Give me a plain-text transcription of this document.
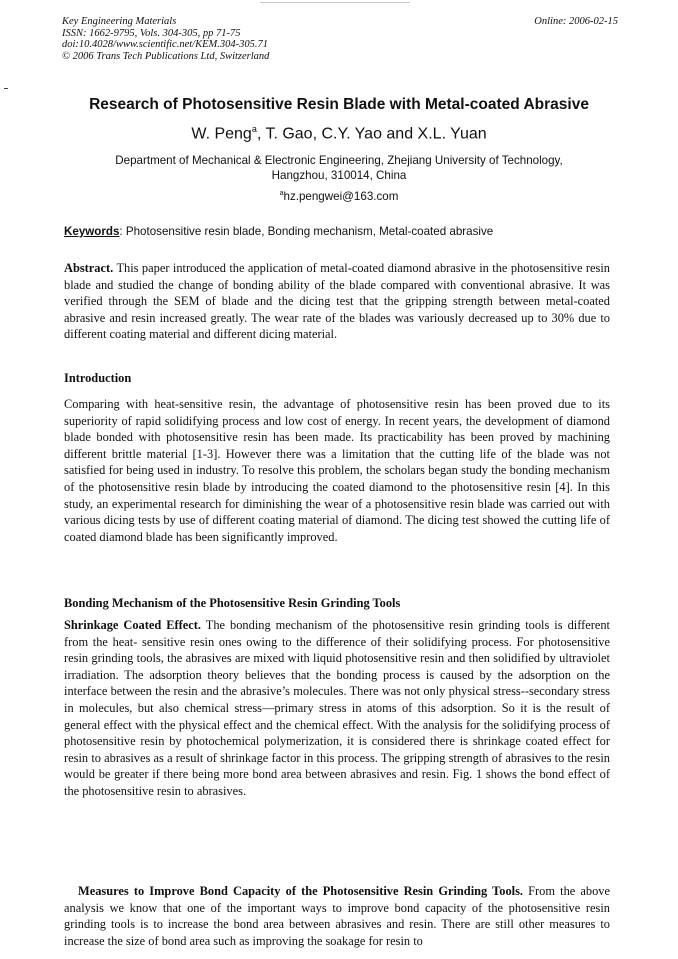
Key Engineering Materials
ISSN: 1662-9795, Vols. 304-305, pp 71-75
doi:10.4028/www.scientific.net/KEM.304-305.71
© 2006 Trans Tech Publications Ltd, Switzerland
Online: 2006-02-15
Research of Photosensitive Resin Blade with Metal-coated Abrasive
W. Peng$^a$, T. Gao, C.Y. Yao and X.L. Yuan
Department of Mechanical & Electronic Engineering, Zhejiang University of Technology,
Hangzhou, 310014, China
$^a$hz.pengwei@163.com
Keywords: Photosensitive resin blade, Bonding mechanism, Metal-coated abrasive
Abstract. This paper introduced the application of metal-coated diamond abrasive in the photosensitive resin blade and studied the change of bonding ability of the blade compared with conventional abrasive. It was verified through the SEM of blade and the dicing test that the gripping strength between metal-coated abrasive and resin increased greatly. The wear rate of the blades was variously decreased up to 30% due to different coating material and different dicing material.
Introduction
Comparing with heat-sensitive resin, the advantage of photosensitive resin has been proved due to its superiority of rapid solidifying process and low cost of energy. In recent years, the development of diamond blade bonded with photosensitive resin has been made. Its practicability has been proved by machining different brittle material [1-3]. However there was a limitation that the cutting life of the blade was not satisfied for being used in industry. To resolve this problem, the scholars began study the bonding mechanism of the photosensitive resin blade by introducing the coated diamond to the photosensitive resin [4]. In this study, an experimental research for diminishing the wear of a photosensitive resin blade was carried out with various dicing tests by use of different coating material of diamond. The dicing test showed the cutting life of coated diamond blade has been significantly improved.
Bonding Mechanism of the Photosensitive Resin Grinding Tools
Shrinkage Coated Effect. The bonding mechanism of the photosensitive resin grinding tools is different from the heat- sensitive resin ones owing to the difference of their solidifying process. For photosensitive resin grinding tools, the abrasives are mixed with liquid photosensitive resin and then solidified by ultraviolet irradiation. The adsorption theory believes that the bonding process is caused by the adsorption on the interface between the resin and the abrasive’s molecules. There was not only physical stress--secondary stress in molecules, but also chemical stress—primary stress in atoms of this adsorption. So it is the result of general effect with the physical effect and the chemical effect. With the analysis for the solidifying process of photosensitive resin by photochemical polymerization, it is considered there is shrinkage coated effect for resin to abrasives as a result of shrinkage factor in this process. The gripping strength of abrasives to the resin would be greater if there being more bond area between abrasives and resin. Fig. 1 shows the bond effect of the photosensitive resin to abrasives.
Measures to Improve Bond Capacity of the Photosensitive Resin Grinding Tools. From the above analysis we know that one of the important ways to improve bond capacity of the photosensitive resin grinding tools is to increase the bond area between abrasives and resin. There are still other measures to increase the size of bond area such as improving the soakage for resin to
